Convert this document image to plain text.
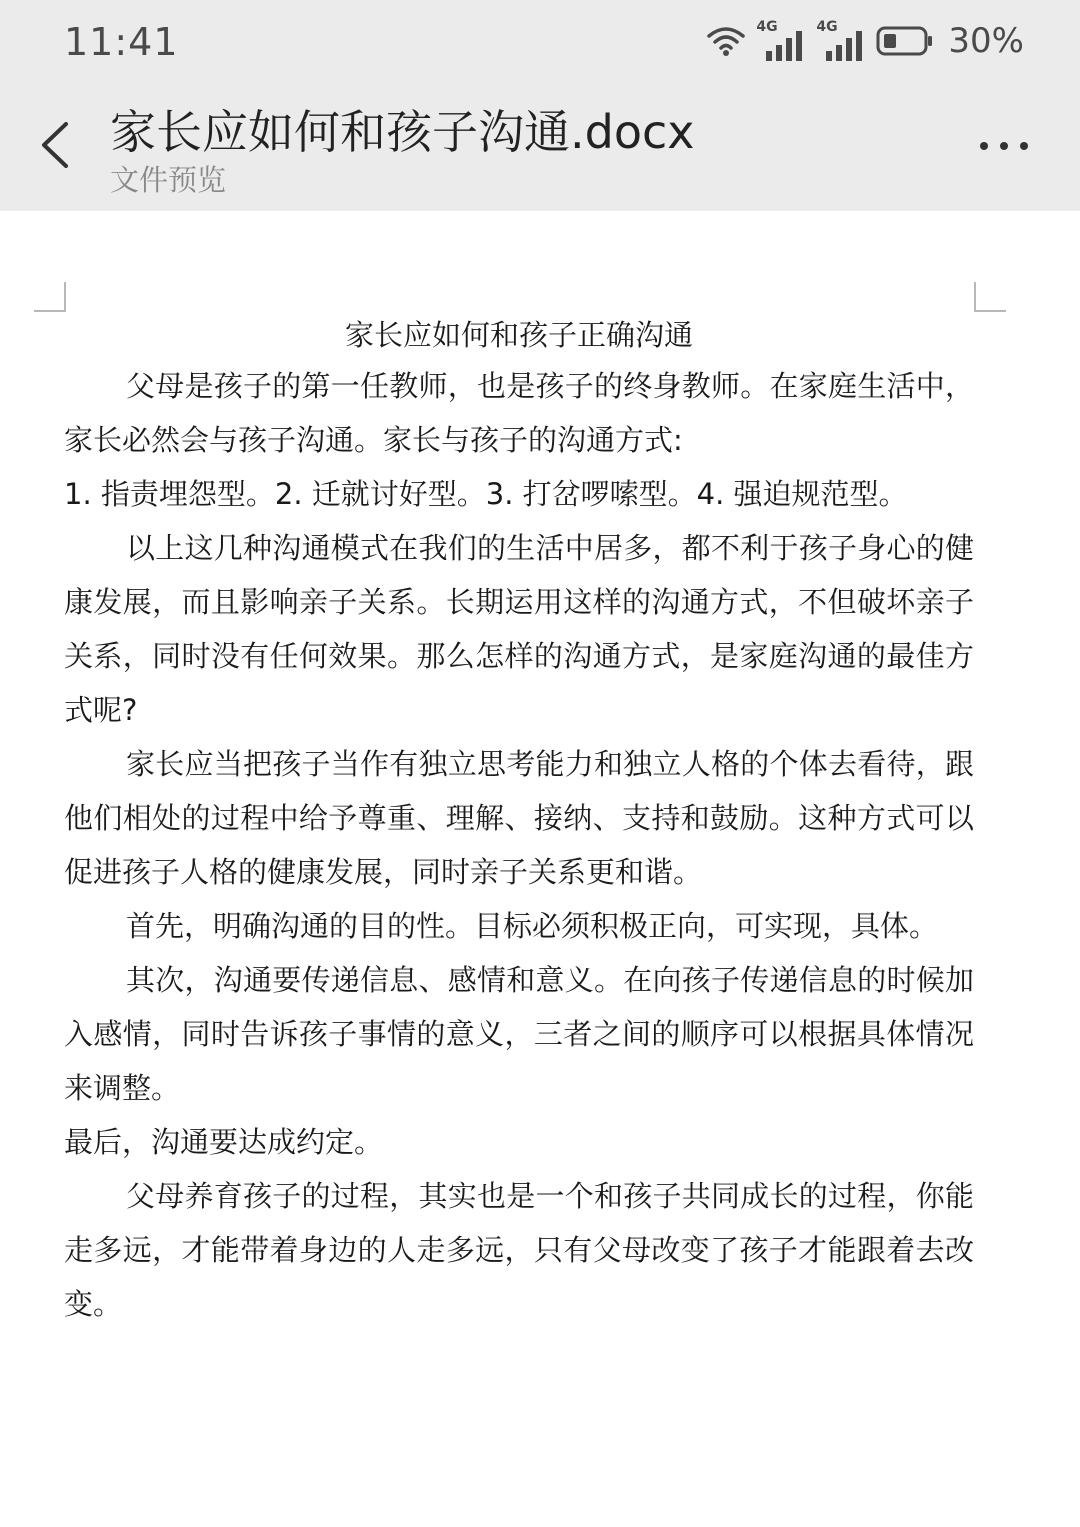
11:41	4G	4G	30%
家长应如何和孩子沟通.docx
文件预览
家长应如何和孩子正确沟通

父母是孩子的第一任教师，也是孩子的终身教师。在家庭生活中，家长必然会与孩子沟通。家长与孩子的沟通方式:

1. 指责埋怨型。2. 迁就讨好型。3. 打岔啰嗦型。4. 强迫规范型。

以上这几种沟通模式在我们的生活中居多，都不利于孩子身心的健康发展，而且影响亲子关系。长期运用这样的沟通方式，不但破坏亲子关系，同时没有任何效果。那么怎样的沟通方式，是家庭沟通的最佳方式呢?

家长应当把孩子当作有独立思考能力和独立人格的个体去看待，跟他们相处的过程中给予尊重、理解、接纳、支持和鼓励。这种方式可以促进孩子人格的健康发展，同时亲子关系更和谐。

首先，明确沟通的目的性。目标必须积极正向，可实现，具体。

其次，沟通要传递信息、感情和意义。在向孩子传递信息的时候加入感情，同时告诉孩子事情的意义，三者之间的顺序可以根据具体情况来调整。

最后，沟通要达成约定。

父母养育孩子的过程，其实也是一个和孩子共同成长的过程，你能走多远，才能带着身边的人走多远，只有父母改变了孩子才能跟着去改变。
